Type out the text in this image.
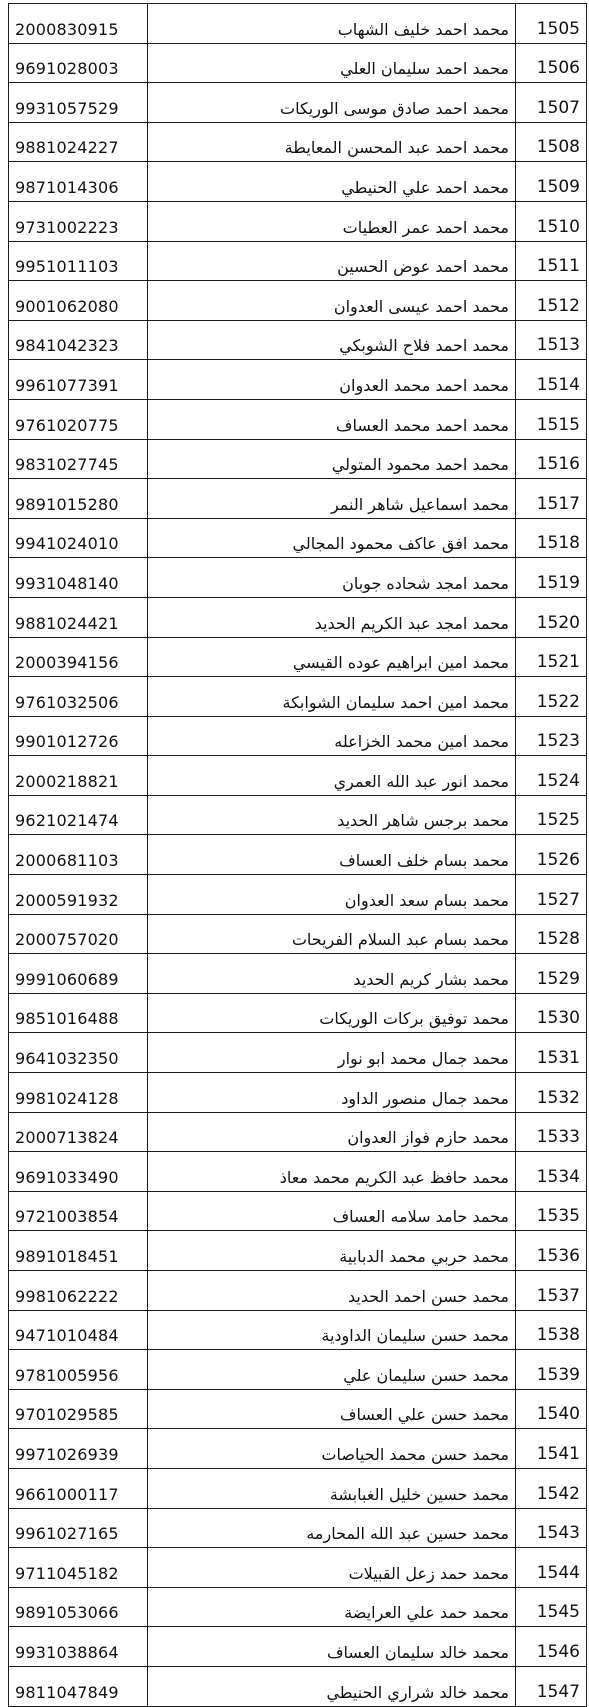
2000830915	محمد احمد خليف الشهاب	1505
9691028003	محمد احمد سليمان العلي	1506
9931057529	محمد احمد صادق موسى الوريكات	1507
9881024227	محمد احمد عبد المحسن المعايطة	1508
9871014306	محمد احمد علي الحنيطي	1509
9731002223	محمد احمد عمر العطيات	1510
9951011103	محمد احمد عوض الحسين	1511
9001062080	محمد احمد عيسى العدوان	1512
9841042323	محمد احمد فلاح الشوبكي	1513
9961077391	محمد احمد محمد العدوان	1514
9761020775	محمد احمد محمد العساف	1515
9831027745	محمد احمد محمود المتولي	1516
9891015280	محمد اسماعيل شاهر النمر	1517
9941024010	محمد افق عاكف محمود المجالي	1518
9931048140	محمد امجد شحاده جوبان	1519
9881024421	محمد امجد عبد الكريم الحديد	1520
2000394156	محمد امين ابراهيم عوده القيسي	1521
9761032506	محمد امين احمد سليمان الشوابكة	1522
9901012726	محمد امين محمد الخزاعله	1523
2000218821	محمد انور عبد الله العمري	1524
9621021474	محمد برجس شاهر الحديد	1525
2000681103	محمد بسام خلف العساف	1526
2000591932	محمد بسام سعد العدوان	1527
2000757020	محمد بسام عبد السلام الفريحات	1528
9991060689	محمد بشار كريم الحديد	1529
9851016488	محمد توفيق بركات الوريكات	1530
9641032350	محمد جمال محمد ابو نوار	1531
9981024128	محمد جمال منصور الداود	1532
2000713824	محمد حازم فواز العدوان	1533
9691033490	محمد حافظ عبد الكريم محمد معاذ	1534
9721003854	محمد حامد سلامه العساف	1535
9891018451	محمد حربي محمد الدبابية	1536
9981062222	محمد حسن احمد الحديد	1537
9471010484	محمد حسن سليمان الداودية	1538
9781005956	محمد حسن سليمان علي	1539
9701029585	محمد حسن علي العساف	1540
9971026939	محمد حسن محمد الحياصات	1541
9661000117	محمد حسين خليل الغبابشة	1542
9961027165	محمد حسين عبد الله المحارمه	1543
9711045182	محمد حمد زعل القبيلات	1544
9891053066	محمد حمد علي العرايضة	1545
9931038864	محمد خالد سليمان العساف	1546
9811047849	محمد خالد شراري الحنيطي	1547
